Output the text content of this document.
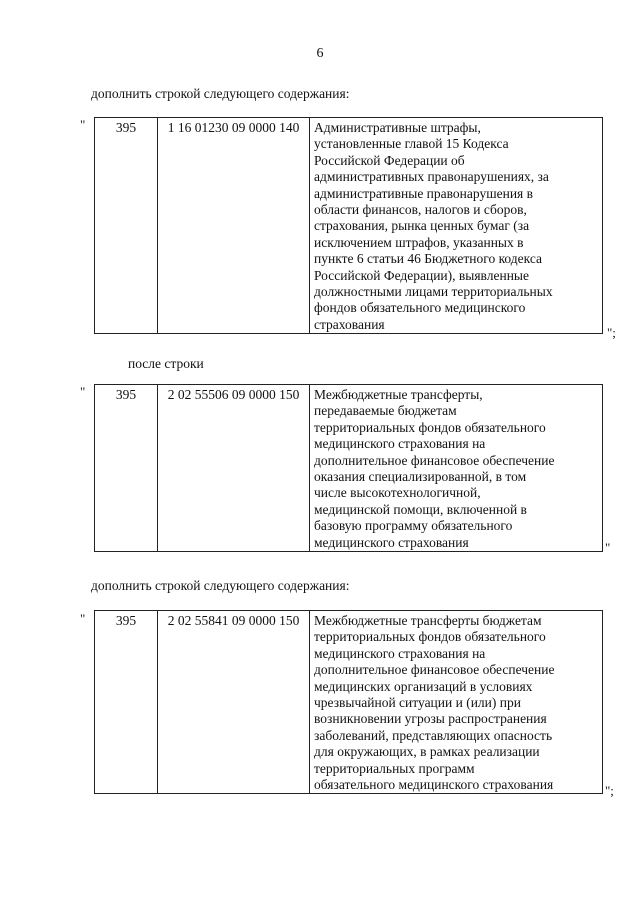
6
дополнить строкой следующего содержания:
" 395	1 16 01230 09 0000 140	Административные штрафы,
установленные главой 15 Кодекса
Российской Федерации об
административных правонарушениях, за
административные правонарушения в
области финансов, налогов и сборов,
страхования, рынка ценных бумаг (за
исключением штрафов, указанных в
пункте 6 статьи 46 Бюджетного кодекса
Российской Федерации), выявленные
должностными лицами территориальных
фондов обязательного медицинского
страхования
";
после строки
" 395	2 02 55506 09 0000 150	Межбюджетные трансферты,
передаваемые бюджетам
территориальных фондов обязательного
медицинского страхования на
дополнительное финансовое обеспечение
оказания специализированной, в том
числе высокотехнологичной,
медицинской помощи, включенной в
базовую программу обязательного
медицинского страхования	"
дополнить строкой следующего содержания:
" 395	2 02 55841 09 0000 150	Межбюджетные трансферты бюджетам
территориальных фондов обязательного
медицинского страхования на
дополнительное финансовое обеспечение
медицинских организаций в условиях
чрезвычайной ситуации и (или) при
возникновении угрозы распространения
заболеваний, представляющих опасность
для окружающих, в рамках реализации
территориальных программ
обязательного медицинского страхования	";
